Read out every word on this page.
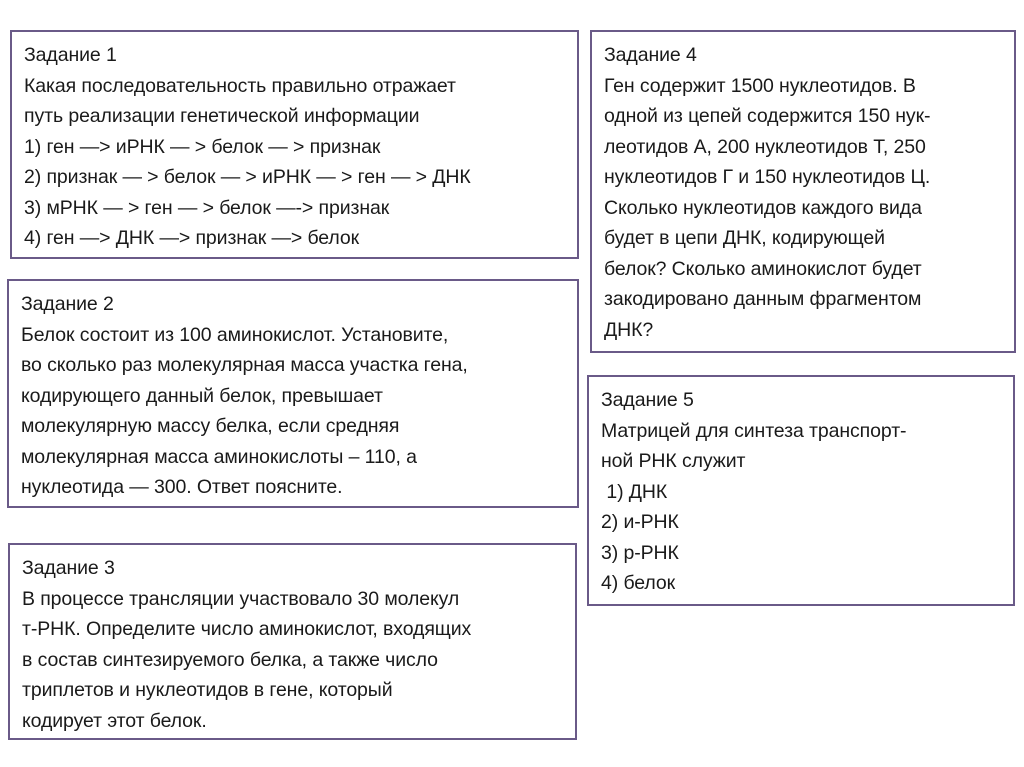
Задание 1
Какая последовательность правильно отражает
путь реализации генетической информации
1) ген —> иРНК — > белок — > признак
2) признак — > белок — > иРНК — > ген — > ДНК
3) мРНК — > ген — > белок —-> признак
4) ген —> ДНК —> признак —> белок
Задание 2
Белок состоит из 100 аминокислот. Установите,
во сколько раз молекулярная масса участка гена,
кодирующего данный белок, превышает
молекулярную массу белка, если средняя
молекулярная масса аминокислоты – 110, а
нуклеотида — 300. Ответ поясните.
Задание 3
В процессе трансляции участвовало 30 молекул
т-РНК. Определите число аминокислот, входящих
в состав синтезируемого белка, а также число
триплетов и нуклеотидов в гене, который
кодирует этот белок.
Задание 4
Ген содержит 1500 нуклеотидов. В
одной из цепей содержится 150 нук-
леотидов А, 200 нуклеотидов Т, 250
нуклеотидов Г и 150 нуклеотидов Ц.
Сколько нуклеотидов каждого вида
будет в цепи ДНК, кодирующей
белок? Сколько аминокислот будет
закодировано данным фрагментом
ДНК?
Задание 5
Матрицей для синтеза транспорт-
ной РНК служит
1) ДНК
2) и-РНК
3) р-РНК
4) белок
